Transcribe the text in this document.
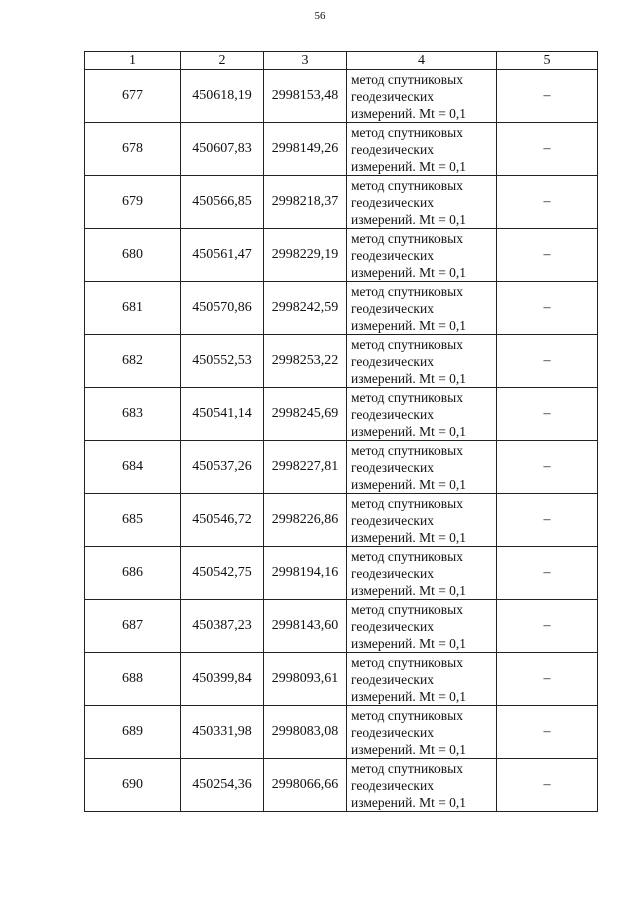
56
1	2	3	4	5
677	450618,19	2998153,48	метод спутниковых
геодезических
измерений. Mt = 0,1	–
678	450607,83	2998149,26	метод спутниковых
геодезических
измерений. Mt = 0,1	–
679	450566,85	2998218,37	метод спутниковых
геодезических
измерений. Mt = 0,1	–
680	450561,47	2998229,19	метод спутниковых
геодезических
измерений. Mt = 0,1	–
681	450570,86	2998242,59	метод спутниковых
геодезических
измерений. Mt = 0,1	–
682	450552,53	2998253,22	метод спутниковых
геодезических
измерений. Mt = 0,1	–
683	450541,14	2998245,69	метод спутниковых
геодезических
измерений. Mt = 0,1	–
684	450537,26	2998227,81	метод спутниковых
геодезических
измерений. Mt = 0,1	–
685	450546,72	2998226,86	метод спутниковых
геодезических
измерений. Mt = 0,1	–
686	450542,75	2998194,16	метод спутниковых
геодезических
измерений. Mt = 0,1	–
687	450387,23	2998143,60	метод спутниковых
геодезических
измерений. Mt = 0,1	–
688	450399,84	2998093,61	метод спутниковых
геодезических
измерений. Mt = 0,1	–
689	450331,98	2998083,08	метод спутниковых
геодезических
измерений. Mt = 0,1	–
690	450254,36	2998066,66	метод спутниковых
геодезических
измерений. Mt = 0,1	–
